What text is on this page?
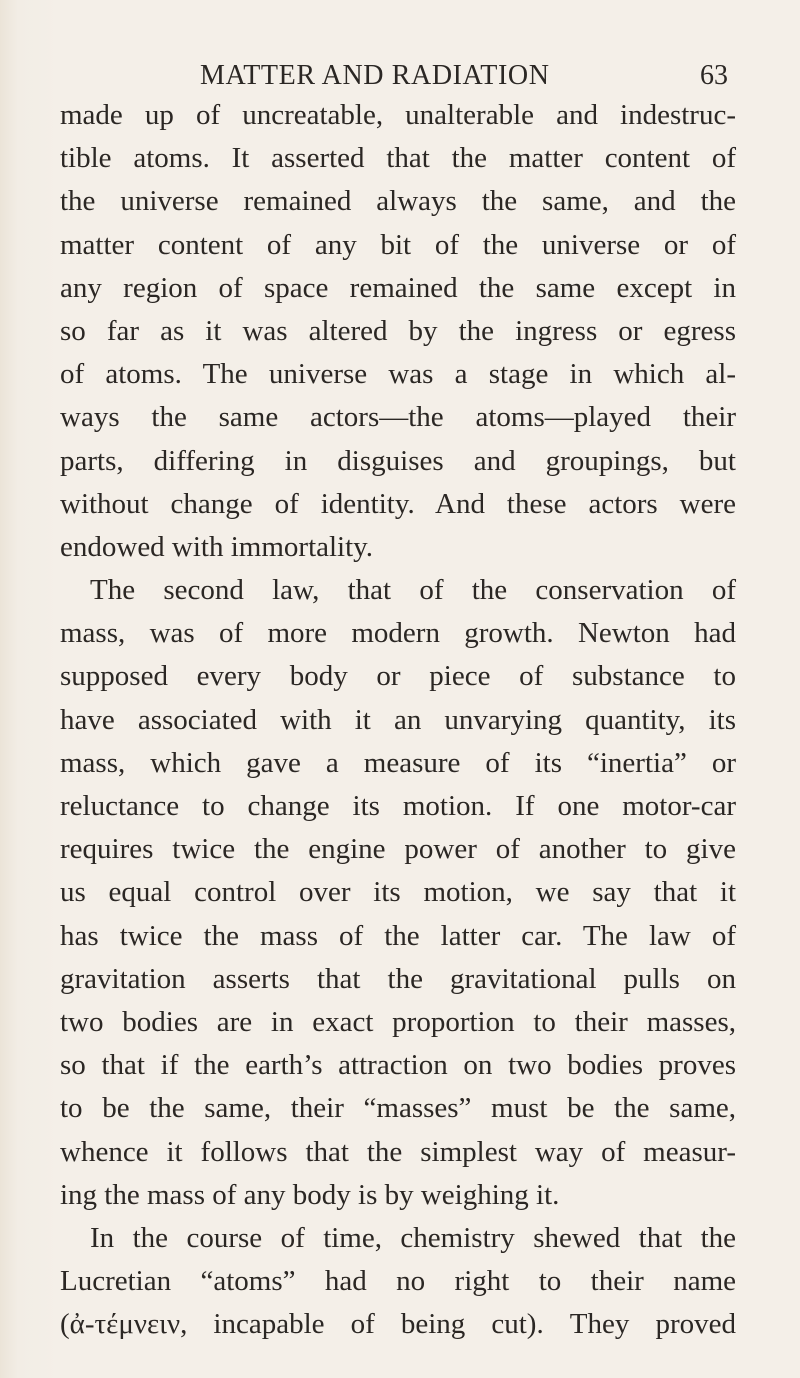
MATTER AND RADIATION	63
made up of uncreatable, unalterable and indestruc-
tible atoms. It asserted that the matter content of
the universe remained always the same, and the
matter content of any bit of the universe or of
any region of space remained the same except in
so far as it was altered by the ingress or egress
of atoms. The universe was a stage in which al-
ways the same actors—the atoms—played their
parts, differing in disguises and groupings, but
without change of identity. And these actors were
endowed with immortality.
The second law, that of the conservation of
mass, was of more modern growth. Newton had
supposed every body or piece of substance to
have associated with it an unvarying quantity, its
mass, which gave a measure of its “inertia” or
reluctance to change its motion. If one motor-car
requires twice the engine power of another to give
us equal control over its motion, we say that it
has twice the mass of the latter car. The law of
gravitation asserts that the gravitational pulls on
two bodies are in exact proportion to their masses,
so that if the earth’s attraction on two bodies proves
to be the same, their “masses” must be the same,
whence it follows that the simplest way of measur-
ing the mass of any body is by weighing it.
In the course of time, chemistry shewed that the
Lucretian “atoms” had no right to their name
(ἀ-τέμνειν, incapable of being cut). They proved
